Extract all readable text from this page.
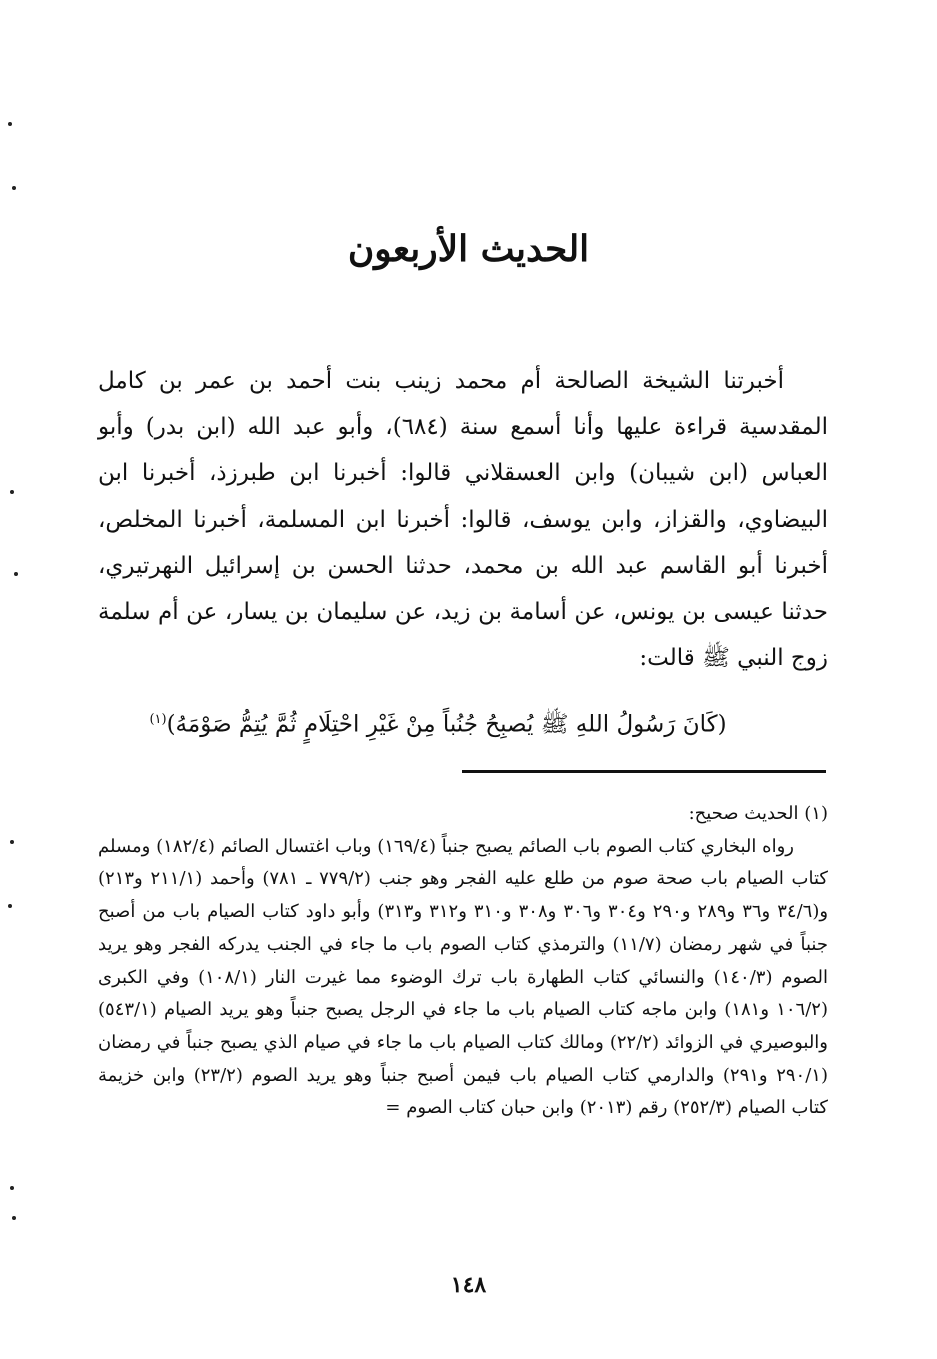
الحديث الأربعون

أخبرتنا الشيخة الصالحة أم محمد زينب بنت أحمد بن عمر بن كامل المقدسية قراءة عليها وأنا أسمع سنة (٦٨٤)، وأبو عبد الله (ابن بدر) وأبو العباس (ابن شيبان) وابن العسقلاني قالوا: أخبرنا ابن طبرزذ، أخبرنا ابن البيضاوي، والقزاز، وابن يوسف، قالوا: أخبرنا ابن المسلمة، أخبرنا المخلص، أخبرنا أبو القاسم عبد الله بن محمد، حدثنا الحسن بن إسرائيل النهرتيري، حدثنا عيسى بن يونس، عن أسامة بن زيد، عن سليمان بن يسار، عن أم سلمة زوج النبي ﷺ قالت:

(كَانَ رَسُولُ اللهِ ﷺ يُصبِحُ جُنُباً مِنْ غَيْرِ احْتِلَامٍ ثُمَّ يُتِمُّ صَوْمَهُ)$^{(١)}$

(١) الحديث صحيح:

رواه البخاري كتاب الصوم باب الصائم يصبح جنباً (١٦٩/٤) وباب اغتسال الصائم (١٨٢/٤) ومسلم كتاب الصيام باب صحة صوم من طلع عليه الفجر وهو جنب (٧٧٩/٢ ـ ٧٨١) وأحمد (٢١١/١ و٢١٣) و(٣٤/٦ و٣٦ و٢٨٩ و٢٩٠ و٣٠٤ و٣٠٦ و٣٠٨ و٣١٠ و٣١٢ و٣١٣) وأبو داود كتاب الصيام باب من أصبح جنباً في شهر رمضان (١١/٧) والترمذي كتاب الصوم باب ما جاء في الجنب يدركه الفجر وهو يريد الصوم (١٤٠/٣) والنسائي كتاب الطهارة باب ترك الوضوء مما غيرت النار (١٠٨/١) وفي الكبرى (١٠٦/٢ و١٨١) وابن ماجه كتاب الصيام باب ما جاء في الرجل يصبح جنباً وهو يريد الصيام (٥٤٣/١) والبوصيري في الزوائد (٢٢/٢) ومالك كتاب الصيام باب ما جاء في صيام الذي يصبح جنباً في رمضان (٢٩٠/١ و٢٩١) والدارمي كتاب الصيام باب فيمن أصبح جنباً وهو يريد الصوم (٢٣/٢) وابن خزيمة كتاب الصيام (٢٥٢/٣) رقم (٢٠١٣) وابن حبان كتاب الصوم =

١٤٨
